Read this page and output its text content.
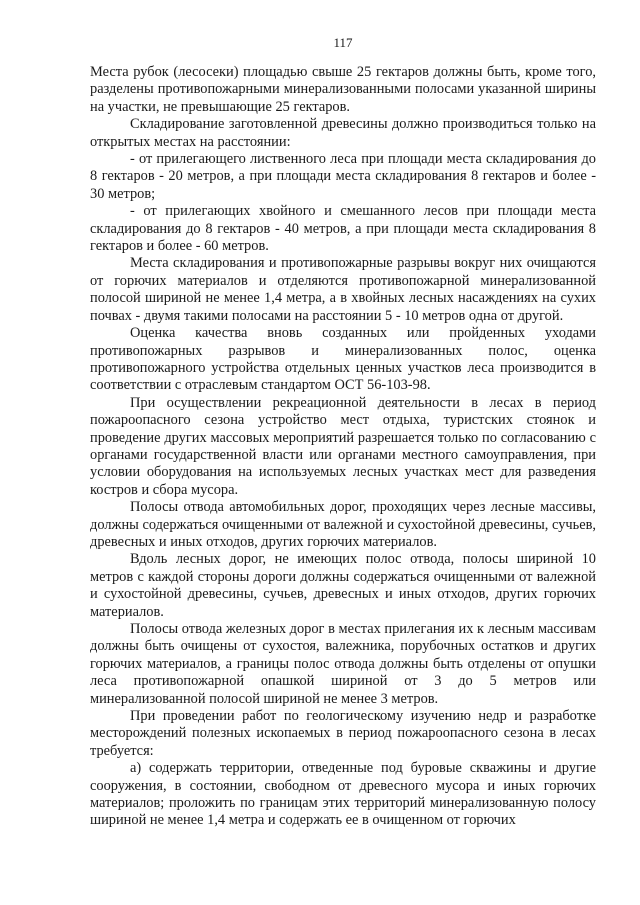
117

Места рубок (лесосеки) площадью свыше 25 гектаров должны быть, кроме того, разделены противопожарными минерализованными полосами указанной ширины на участки, не превышающие 25 гектаров.

Складирование заготовленной древесины должно производиться только на открытых местах на расстоянии:

- от прилегающего лиственного леса при площади места складирования до 8 гектаров - 20 метров, а при площади места складирования 8 гектаров и более - 30 метров;

- от прилегающих хвойного и смешанного лесов при площади места складирования до 8 гектаров - 40 метров, а при площади места складирования 8 гектаров и более - 60 метров.

Места складирования и противопожарные разрывы вокруг них очищаются от горючих материалов и отделяются противопожарной минерализованной полосой шириной не менее 1,4 метра, а в хвойных лесных насаждениях на сухих почвах - двумя такими полосами на расстоянии 5 - 10 метров одна от другой.

Оценка качества вновь созданных или пройденных уходами противопожарных разрывов и минерализованных полос, оценка противопожарного устройства отдельных ценных участков леса производится в соответствии с отраслевым стандартом ОСТ 56-103-98.

При осуществлении рекреационной деятельности в лесах в период пожароопасного сезона устройство мест отдыха, туристских стоянок и проведение других массовых мероприятий разрешается только по согласованию с органами государственной власти или органами местного самоуправления, при условии оборудования на используемых лесных участках мест для разведения костров и сбора мусора.

Полосы отвода автомобильных дорог, проходящих через лесные массивы, должны содержаться очищенными от валежной и сухостойной древесины, сучьев, древесных и иных отходов, других горючих материалов.

Вдоль лесных дорог, не имеющих полос отвода, полосы шириной 10 метров с каждой стороны дороги должны содержаться очищенными от валежной и сухостойной древесины, сучьев, древесных и иных отходов, других горючих материалов.

Полосы отвода железных дорог в местах прилегания их к лесным массивам должны быть очищены от сухостоя, валежника, порубочных остатков и других горючих материалов, а границы полос отвода должны быть отделены от опушки леса противопожарной опашкой шириной от 3 до 5 метров или минерализованной полосой шириной не менее 3 метров.

При проведении работ по геологическому изучению недр и разработке месторождений полезных ископаемых в период пожароопасного сезона в лесах требуется:

а) содержать территории, отведенные под буровые скважины и другие сооружения, в состоянии, свободном от древесного мусора и иных горючих материалов; проложить по границам этих территорий минерализованную полосу шириной не менее 1,4 метра и содержать ее в очищенном от горючих
